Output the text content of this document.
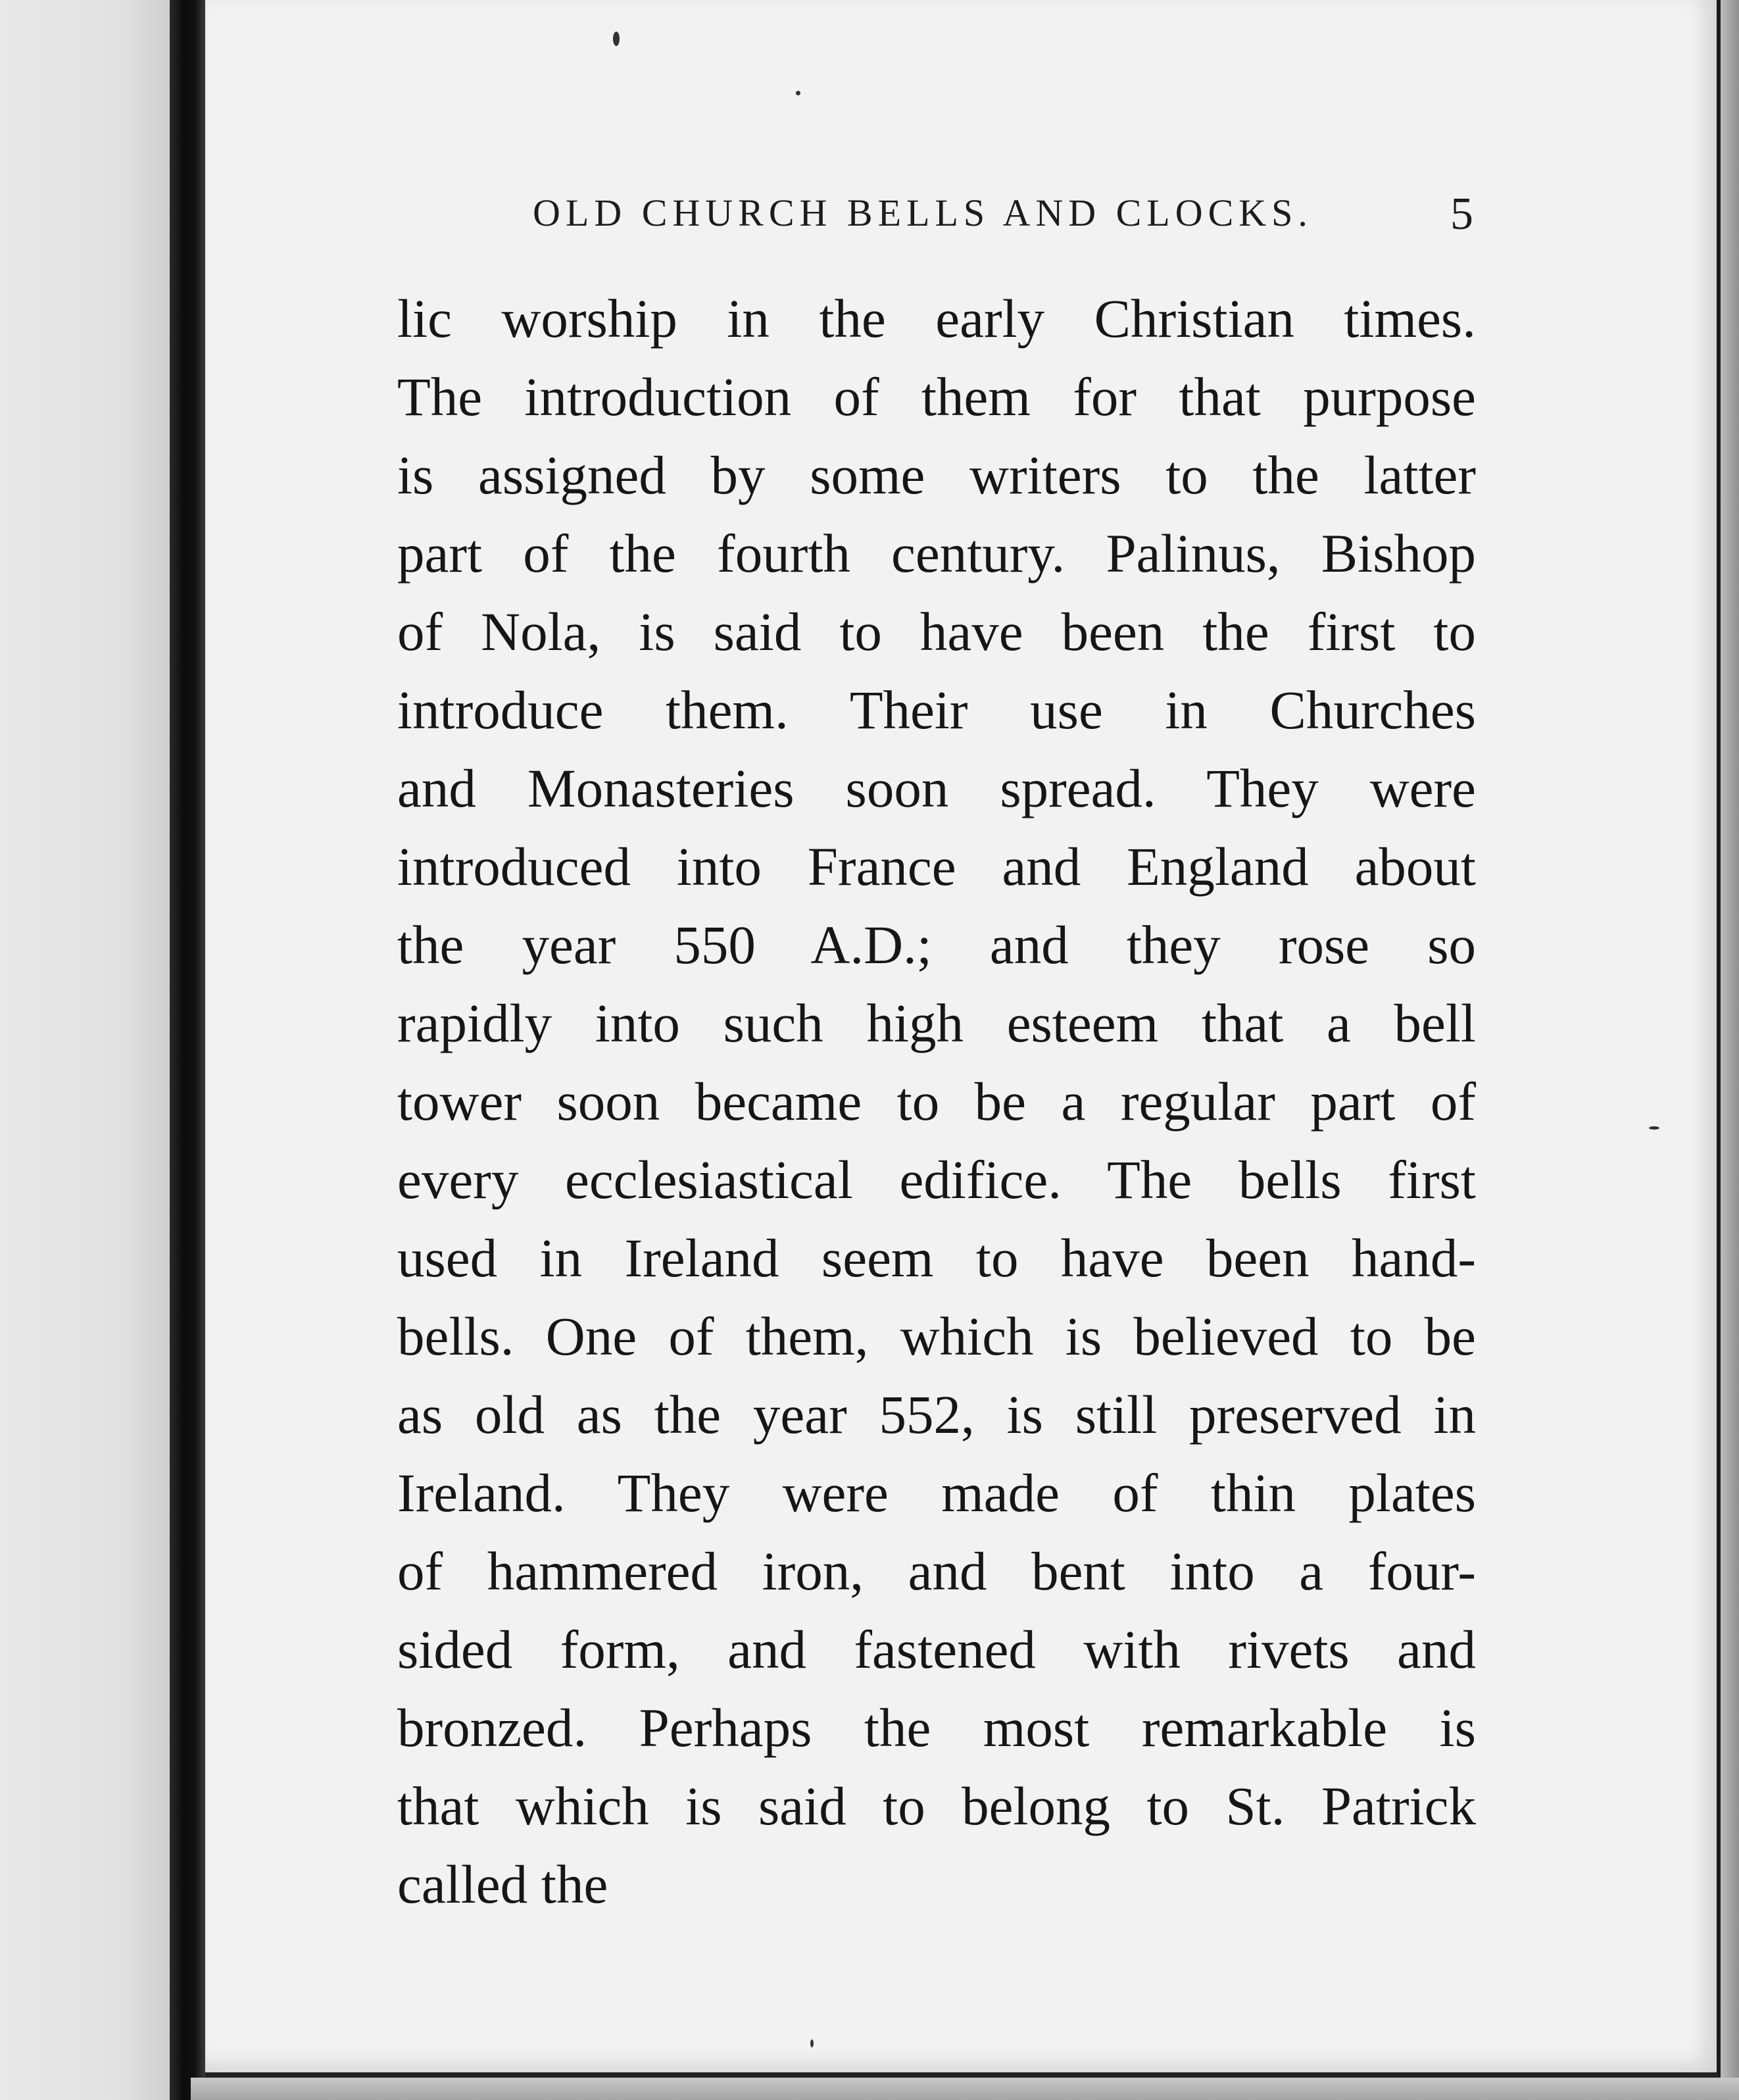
OLD CHURCH BELLS AND CLOCKS.	5
lic worship in the early Christian times.
The introduction of them for that purpose
is assigned by some writers to the latter
part of the fourth century. Palinus, Bishop
of Nola, is said to have been the first to
introduce them. Their use in Churches
and Monasteries soon spread. They were
introduced into France and England about
the year 550 A.D.; and they rose so
rapidly into such high esteem that a bell
tower soon became to be a regular part of
every ecclesiastical edifice. The bells first
used in Ireland seem to have been hand-
bells. One of them, which is believed to be
as old as the year 552, is still preserved in
Ireland. They were made of thin plates
of hammered iron, and bent into a four-
sided form, and fastened with rivets and
bronzed. Perhaps the most remarkable is
that which is said to belong to St. Patrick
called the
